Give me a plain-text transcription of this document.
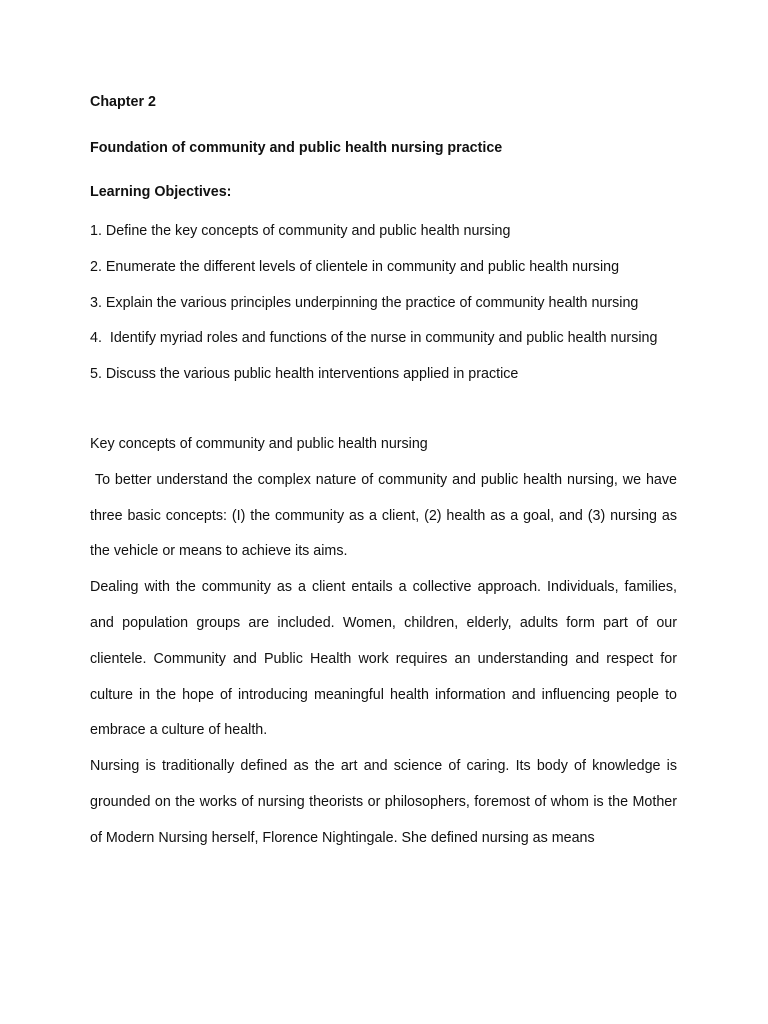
Chapter 2

Foundation of community and public health nursing practice

Learning Objectives:

1. Define the key concepts of community and public health nursing

2. Enumerate the different levels of clientele in community and public health nursing

3. Explain the various principles underpinning the practice of community health nursing

4.  Identify myriad roles and functions of the nurse in community and public health nursing

5. Discuss the various public health interventions applied in practice

Key concepts of community and public health nursing

To better understand the complex nature of community and public health nursing, we have three basic concepts: (I) the community as a client, (2) health as a goal, and (3) nursing as the vehicle or means to achieve its aims.

Dealing with the community as a client entails a collective approach. Individuals, families, and population groups are included. Women, children, elderly, adults form part of our clientele. Community and Public Health work requires an understanding and respect for culture in the hope of introducing meaningful health information and influencing people to embrace a culture of health.

Nursing is traditionally defined as the art and science of caring. Its body of knowledge is grounded on the works of nursing theorists or philosophers, foremost of whom is the Mother of Modern Nursing herself, Florence Nightingale. She defined nursing as means
